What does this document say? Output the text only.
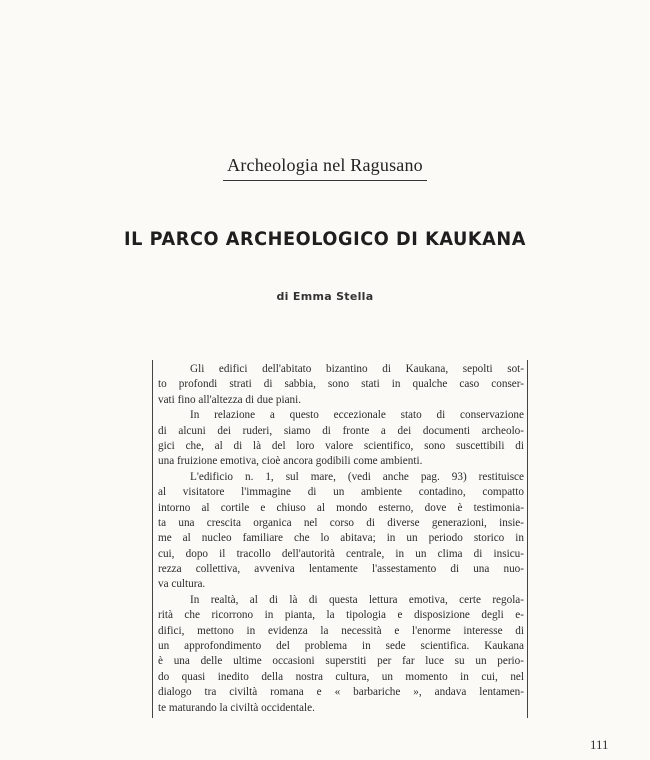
Archeologia nel Ragusano
IL PARCO ARCHEOLOGICO DI KAUKANA
di Emma Stella
Gli edifici dell'abitato bizantino di Kaukana, sepolti sot-
to profondi strati di sabbia, sono stati in qualche caso conser-
vati fino all'altezza di due piani.
In relazione a questo eccezionale stato di conservazione
di alcuni dei ruderi, siamo di fronte a dei documenti archeolo-
gici che, al di là del loro valore scientifico, sono suscettibili di
una fruizione emotiva, cioè ancora godibili come ambienti.
L'edificio n. 1, sul mare, (vedi anche pag. 93) restituisce
al visitatore l'immagine di un ambiente contadino, compatto
intorno al cortile e chiuso al mondo esterno, dove è testimonia-
ta una crescita organica nel corso di diverse generazioni, insie-
me al nucleo familiare che lo abitava; in un periodo storico in
cui, dopo il tracollo dell'autorità centrale, in un clima di insicu-
rezza collettiva, avveniva lentamente l'assestamento di una nuo-
va cultura.
In realtà, al di là di questa lettura emotiva, certe regola-
rità che ricorrono in pianta, la tipologia e disposizione degli e-
difici, mettono in evidenza la necessità e l'enorme interesse di
un approfondimento del problema in sede scientifica. Kaukana
è una delle ultime occasioni superstiti per far luce su un perio-
do quasi inedito della nostra cultura, un momento in cui, nel
dialogo tra civiltà romana e « barbariche », andava lentamen-
te maturando la civiltà occidentale.
111
